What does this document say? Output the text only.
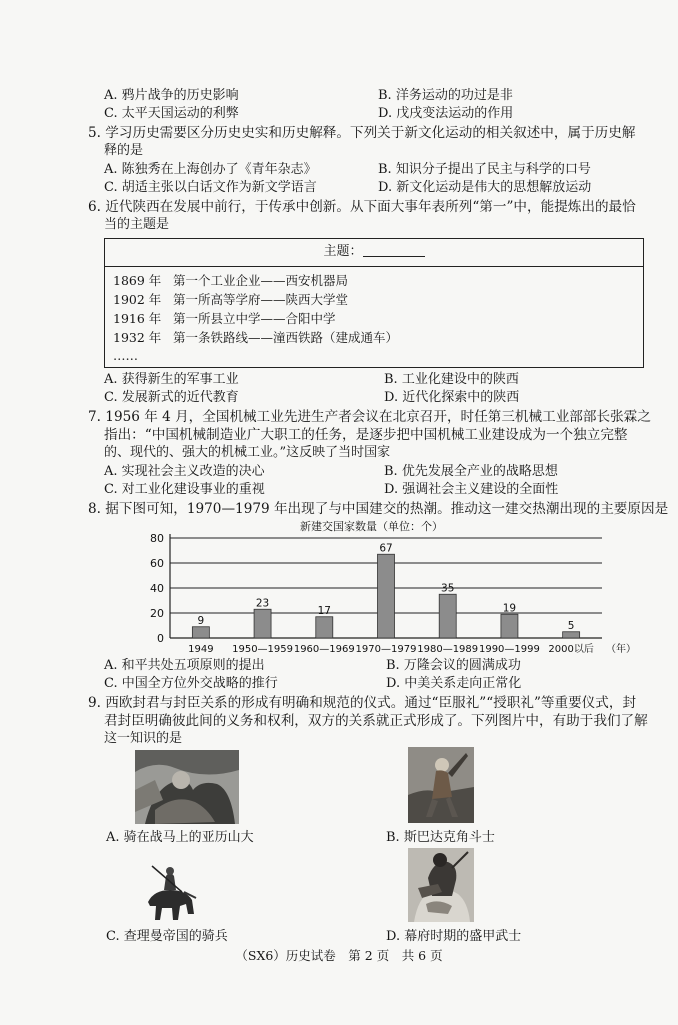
A. 鸦片战争的历史影响	B. 洋务运动的功过是非
C. 太平天国运动的利弊	D. 戊戌变法运动的作用
5. 学习历史需要区分历史史实和历史解释。下列关于新文化运动的相关叙述中，属于历史解
释的是
A. 陈独秀在上海创办了《青年杂志》	B. 知识分子提出了民主与科学的口号
C. 胡适主张以白话文作为新文学语言	D. 新文化运动是伟大的思想解放运动
6. 近代陕西在发展中前行，于传承中创新。从下面大事年表所列“第一”中，能提炼出的最恰
当的主题是
主题：
1869 年 第一个工业企业——西安机器局
1902 年 第一所高等学府——陕西大学堂
1916 年 第一所县立中学——合阳中学
1932 年 第一条铁路线——潼西铁路（建成通车）
……
A. 获得新生的军事工业	B. 工业化建设中的陕西
C. 发展新式的近代教育	D. 近代化探索中的陕西
7. 1956 年 4 月，全国机械工业先进生产者会议在北京召开，时任第三机械工业部部长张霖之
指出：“中国机械制造业广大职工的任务，是逐步把中国机械工业建设成为一个独立完整
的、现代的、强大的机械工业。”这反映了当时国家
A. 实现社会主义改造的决心	B. 优先发展全产业的战略思想
C. 对工业化建设事业的重视	D. 强调社会主义建设的全面性
8. 据下图可知，1970—1979 年出现了与中国建交的热潮。推动这一建交热潮出现的主要原因是
新建交国家数量（单位：个）
0
20
40
60
80
9
1949
23
1950—1959
17
1960—1969
67
1970—1979
35
1980—1989
19
1990—1999
5
2000以后 （年）
A. 和平共处五项原则的提出	B. 万隆会议的圆满成功
C. 中国全方位外交战略的推行	D. 中美关系走向正常化
9. 西欧封君与封臣关系的形成有明确和规范的仪式。通过“臣服礼”“授职礼”等重要仪式，封
君封臣明确彼此间的义务和权利，双方的关系就正式形成了。下列图片中，有助于我们了解
这一知识的是
A. 骑在战马上的亚历山大	B. 斯巴达克角斗士
C. 查理曼帝国的骑兵	D. 幕府时期的盛甲武士
（SX6）历史试卷　第 2 页　共 6 页
